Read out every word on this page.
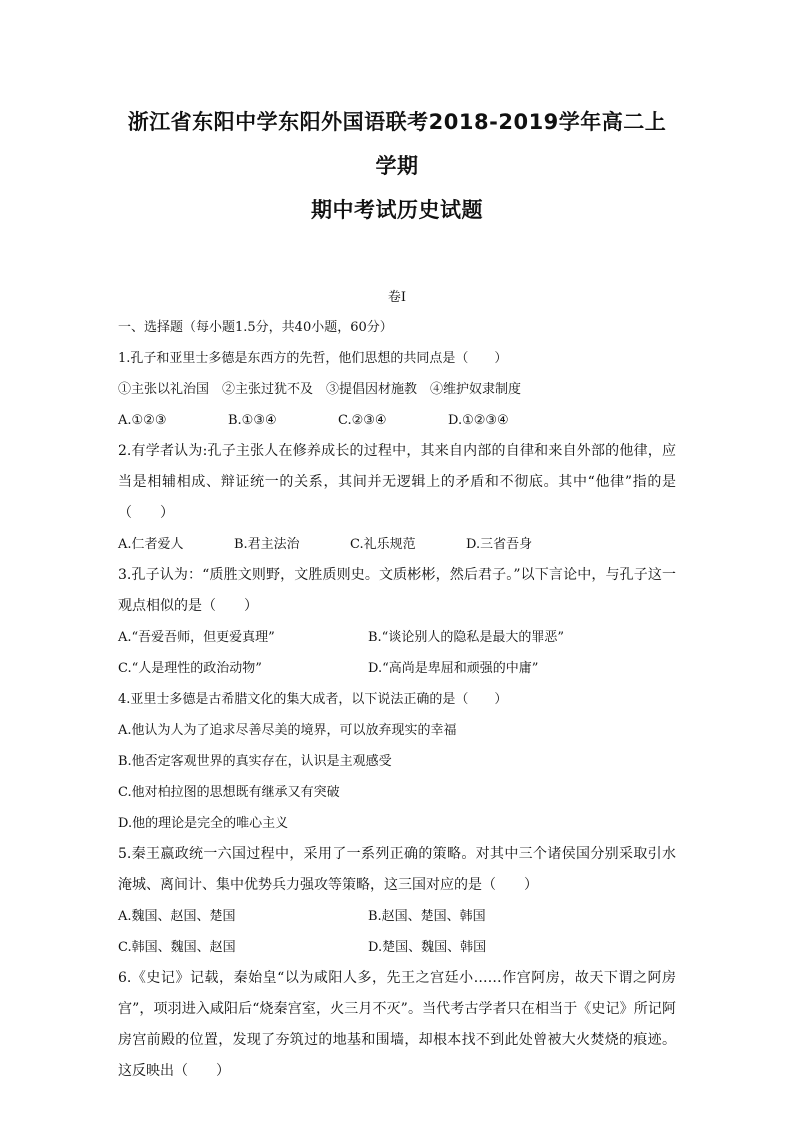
浙江省东阳中学东阳外国语联考2018-2019学年高二上学期
期中考试历史试题
卷I
一、选择题（每小题1.5分，共40小题，60分）
1.孔子和亚里士多德是东西方的先哲，他们思想的共同点是（　　）
①主张以礼治国　②主张过犹不及　③提倡因材施教　④维护奴隶制度
A.①②③	B.①③④	C.②③④	D.①②③④

2.有学者认为:孔子主张人在修养成长的过程中，其来自内部的自律和来自外部的他律，应当是相辅相成、辩证统一的关系，其间并无逻辑上的矛盾和不彻底。其中“他律”指的是（　　）

A.仁者爱人	B.君主法治	C.礼乐规范	D.三省吾身

3.孔子认为：“质胜文则野，文胜质则史。文质彬彬，然后君子。”以下言论中，与孔子这一观点相似的是（　　）

A.“吾爱吾师，但更爱真理”	B.“谈论别人的隐私是最大的罪恶”
C.“人是理性的政治动物”	D.“高尚是卑屈和顽强的中庸”
4.亚里士多德是古希腊文化的集大成者，以下说法正确的是（　　）
A.他认为人为了追求尽善尽美的境界，可以放弃现实的幸福
B.他否定客观世界的真实存在，认识是主观感受
C.他对柏拉图的思想既有继承又有突破
D.他的理论是完全的唯心主义

5.秦王嬴政统一六国过程中，采用了一系列正确的策略。对其中三个诸侯国分别采取引水淹城、离间计、集中优势兵力强攻等策略，这三国对应的是（　　）

A.魏国、赵国、楚国	B.赵国、楚国、韩国
C.韩国、魏国、赵国	D.楚国、魏国、韩国

6.《史记》记载，秦始皇“以为咸阳人多，先王之宫廷小……作宫阿房，故天下谓之阿房宫”，项羽进入咸阳后“烧秦宫室，火三月不灭”。当代考古学者只在相当于《史记》所记阿房宫前殿的位置，发现了夯筑过的地基和围墙，却根本找不到此处曾被大火焚烧的痕迹。这反映出（　　）
